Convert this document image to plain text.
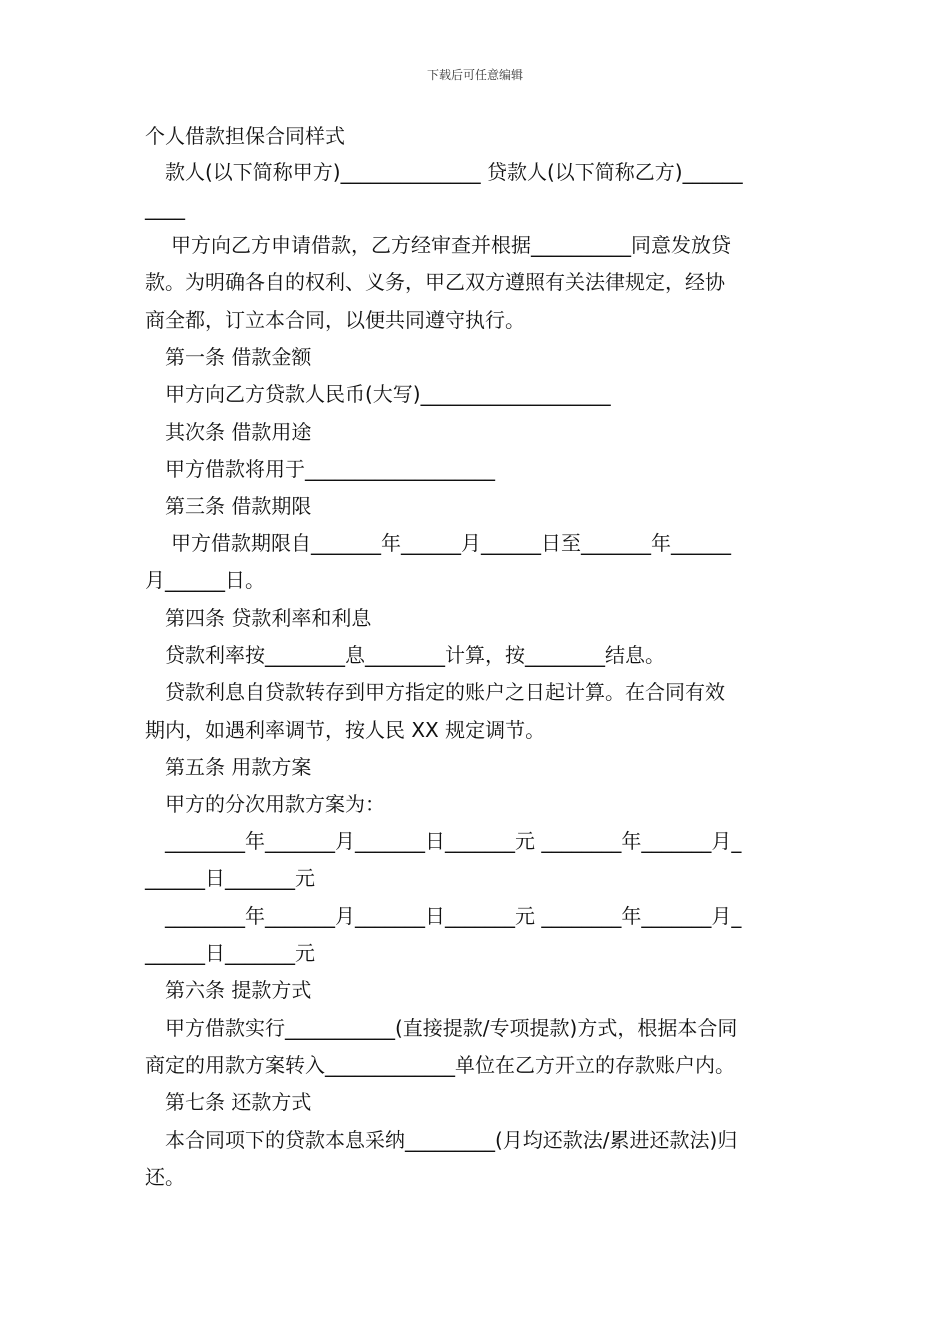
下载后可任意编辑
个人借款担保合同样式
款人(以下简称甲方)______________ 贷款人(以下简称乙方)______
____
甲方向乙方申请借款，乙方经审查并根据__________同意发放贷
款。为明确各自的权利、义务，甲乙双方遵照有关法律规定，经协
商全都，订立本合同，以便共同遵守执行。
第一条 借款金额
甲方向乙方贷款人民币(大写)___________________
其次条 借款用途
甲方借款将用于___________________
第三条 借款期限
甲方借款期限自_______年______月______日至_______年______
月______日。
第四条 贷款利率和利息
贷款利率按________息________计算，按________结息。
贷款利息自贷款转存到甲方指定的账户之日起计算。在合同有效
期内，如遇利率调节，按人民 XX 规定调节。
第五条 用款方案
甲方的分次用款方案为：
________年_______月_______日_______元 ________年_______月_
______日_______元
________年_______月_______日_______元 ________年_______月_
______日_______元
第六条 提款方式
甲方借款实行___________(直接提款/专项提款)方式，根据本合同
商定的用款方案转入_____________单位在乙方开立的存款账户内。
第七条 还款方式
本合同项下的贷款本息采纳_________(月均还款法/累进还款法)归
还。
